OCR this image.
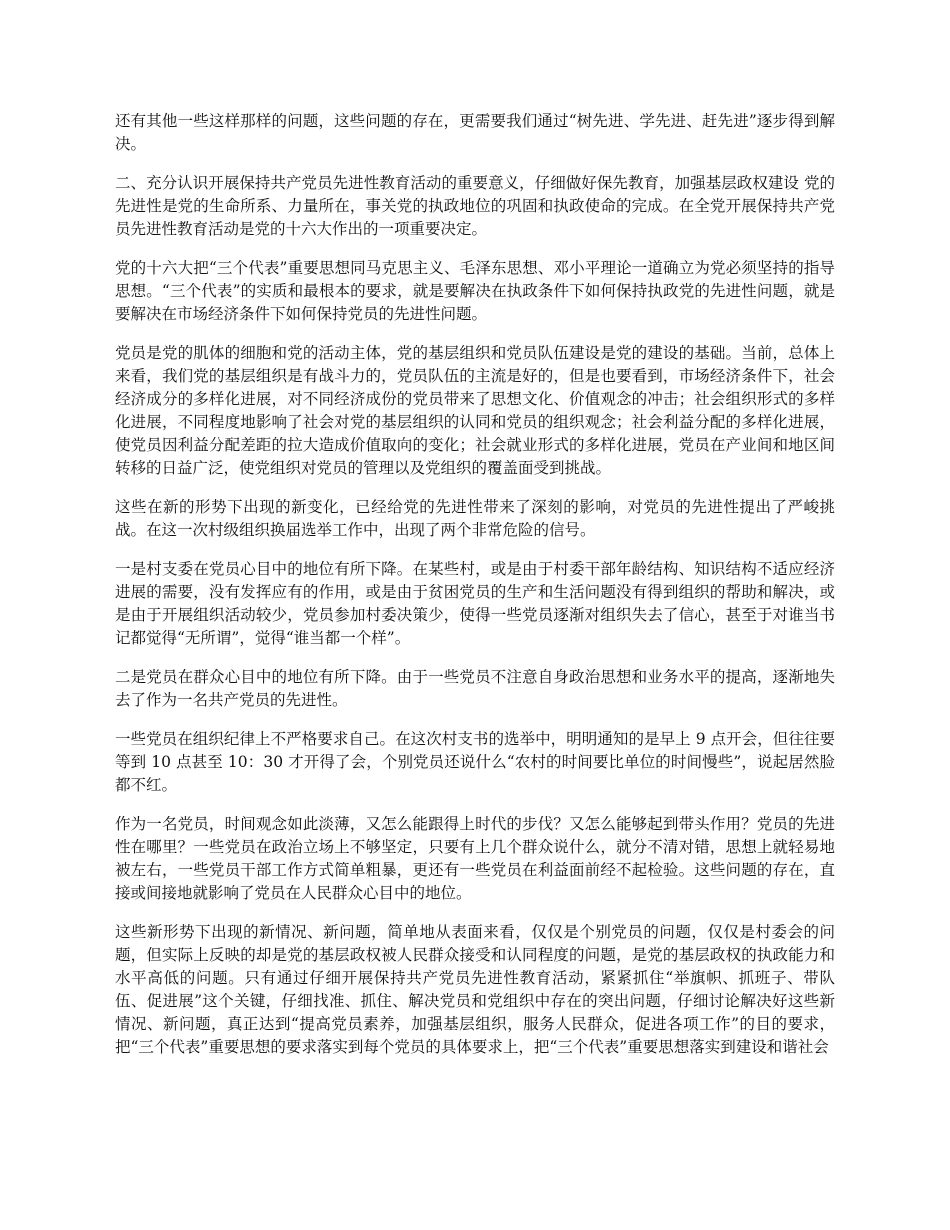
还有其他一些这样那样的问题，这些问题的存在，更需要我们通过“树先进、学先进、赶先进”逐步得到解决。

二、充分认识开展保持共产党员先进性教育活动的重要意义，仔细做好保先教育，加强基层政权建设 党的先进性是党的生命所系、力量所在，事关党的执政地位的巩固和执政使命的完成。在全党开展保持共产党员先进性教育活动是党的十六大作出的一项重要决定。

党的十六大把“三个代表”重要思想同马克思主义、毛泽东思想、邓小平理论一道确立为党必须坚持的指导思想。“三个代表”的实质和最根本的要求，就是要解决在执政条件下如何保持执政党的先进性问题，就是要解决在市场经济条件下如何保持党员的先进性问题。

党员是党的肌体的细胞和党的活动主体，党的基层组织和党员队伍建设是党的建设的基础。当前，总体上来看，我们党的基层组织是有战斗力的，党员队伍的主流是好的，但是也要看到，市场经济条件下，社会经济成分的多样化进展，对不同经济成份的党员带来了思想文化、价值观念的冲击；社会组织形式的多样化进展，不同程度地影响了社会对党的基层组织的认同和党员的组织观念；社会利益分配的多样化进展，使党员因利益分配差距的拉大造成价值取向的变化；社会就业形式的多样化进展，党员在产业间和地区间转移的日益广泛，使党组织对党员的管理以及党组织的覆盖面受到挑战。

这些在新的形势下出现的新变化，已经给党的先进性带来了深刻的影响，对党员的先进性提出了严峻挑战。在这一次村级组织换届选举工作中，出现了两个非常危险的信号。

一是村支委在党员心目中的地位有所下降。在某些村，或是由于村委干部年龄结构、知识结构不适应经济进展的需要，没有发挥应有的作用，或是由于贫困党员的生产和生活问题没有得到组织的帮助和解决，或是由于开展组织活动较少，党员参加村委决策少，使得一些党员逐渐对组织失去了信心，甚至于对谁当书记都觉得“无所谓”，觉得“谁当都一个样”。

二是党员在群众心目中的地位有所下降。由于一些党员不注意自身政治思想和业务水平的提高，逐渐地失去了作为一名共产党员的先进性。

一些党员在组织纪律上不严格要求自己。在这次村支书的选举中，明明通知的是早上 9 点开会，但往往要等到 10 点甚至 10：30 才开得了会，个别党员还说什么“农村的时间要比单位的时间慢些”，说起居然脸都不红。

作为一名党员，时间观念如此淡薄，又怎么能跟得上时代的步伐？又怎么能够起到带头作用？党员的先进性在哪里？一些党员在政治立场上不够坚定，只要有上几个群众说什么，就分不清对错，思想上就轻易地被左右，一些党员干部工作方式简单粗暴，更还有一些党员在利益面前经不起检验。这些问题的存在，直接或间接地就影响了党员在人民群众心目中的地位。

这些新形势下出现的新情况、新问题，简单地从表面来看，仅仅是个别党员的问题，仅仅是村委会的问题，但实际上反映的却是党的基层政权被人民群众接受和认同程度的问题，是党的基层政权的执政能力和水平高低的问题。只有通过仔细开展保持共产党员先进性教育活动，紧紧抓住“举旗帜、抓班子、带队伍、促进展”这个关键，仔细找准、抓住、解决党员和党组织中存在的突出问题，仔细讨论解决好这些新情况、新问题，真正达到“提高党员素养，加强基层组织，服务人民群众，促进各项工作”的目的要求，把“三个代表”重要思想的要求落实到每个党员的具体要求上，把“三个代表”重要思想落实到建设和谐社会
